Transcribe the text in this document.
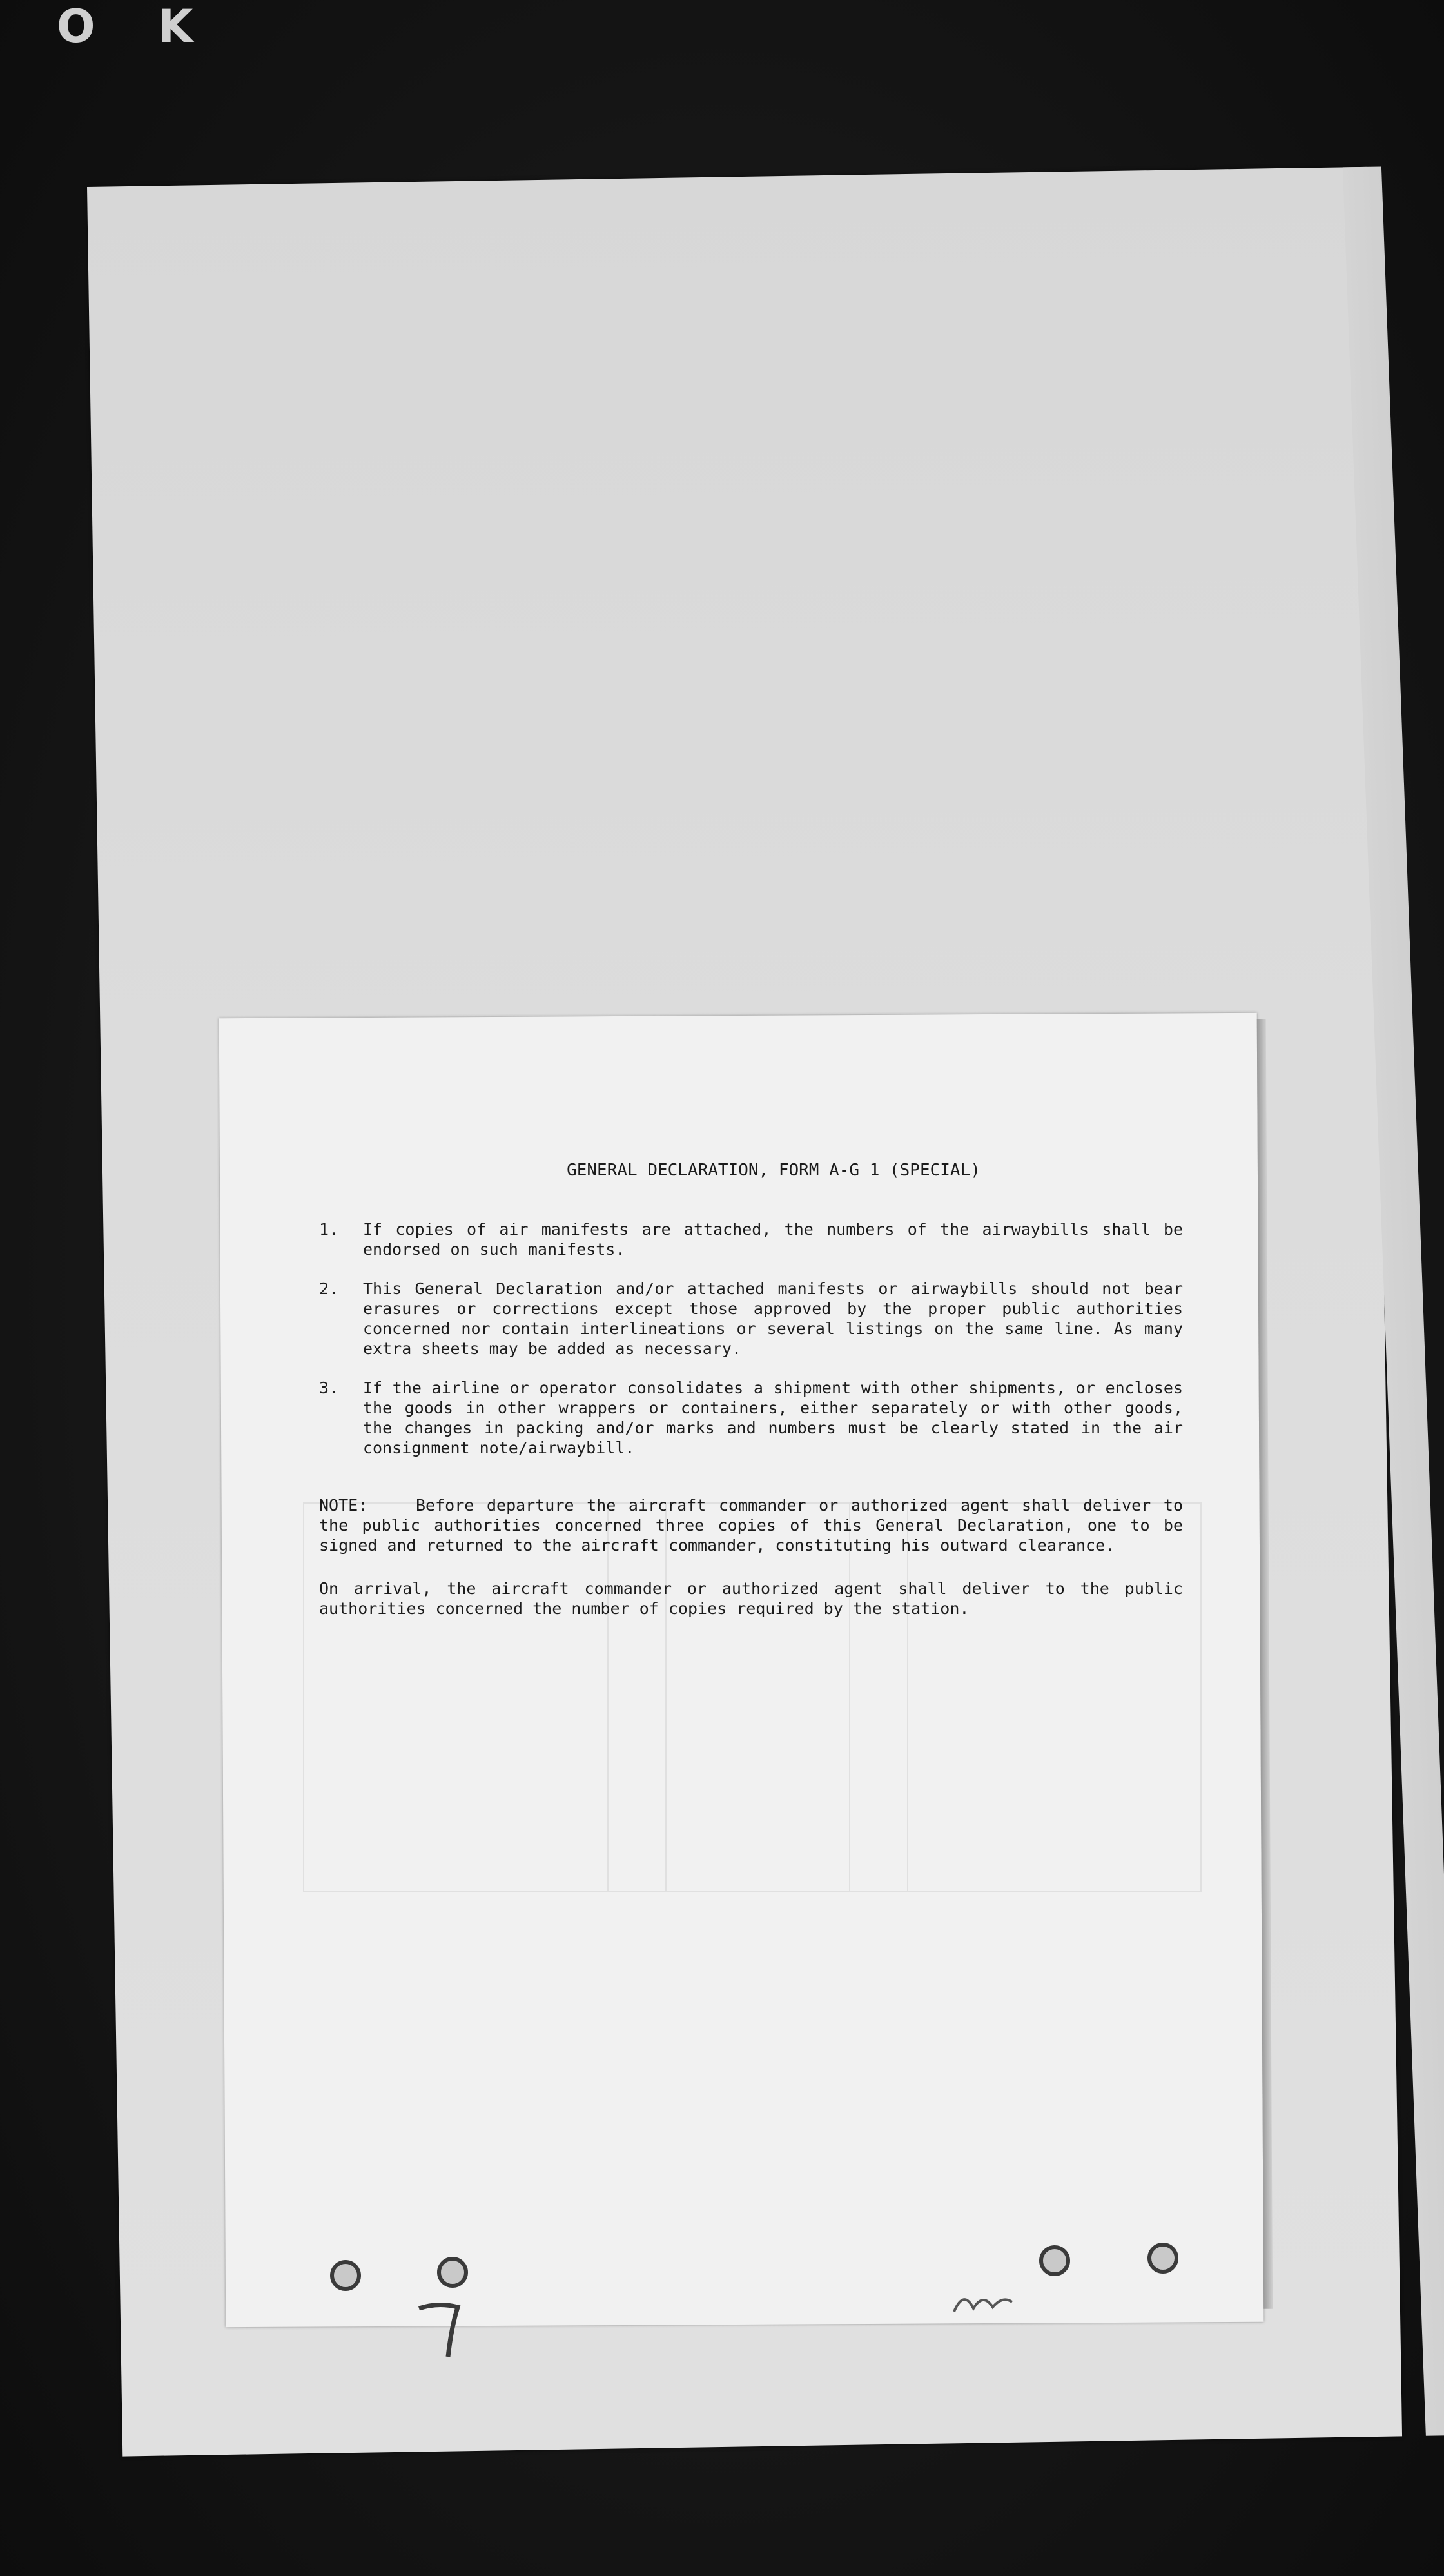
O K
GENERAL DECLARATION, FORM A-G 1 (SPECIAL)
1.	If copies of air manifests are attached, the numbers of the airwaybills shall be endorsed on such manifests.
2.	This General Declaration and/or attached manifests or airwaybills should not bear erasures or corrections except those approved by the proper public authorities concerned nor contain interlineations or several listings on the same line. As many extra sheets may be added as necessary.
3.	If the airline or operator consolidates a shipment with other shipments, or encloses the goods in other wrappers or containers, either separately or with other goods, the changes in packing and/or marks and numbers must be clearly stated in the air consignment note/airwaybill.
NOTE:	Before departure the aircraft commander or authorized agent shall deliver to the public authorities concerned three copies of this General Declaration, one to be signed and returned to the aircraft commander, constituting his outward clearance.
On arrival, the aircraft commander or authorized agent shall deliver to the public authorities concerned the number of copies required by the station.
